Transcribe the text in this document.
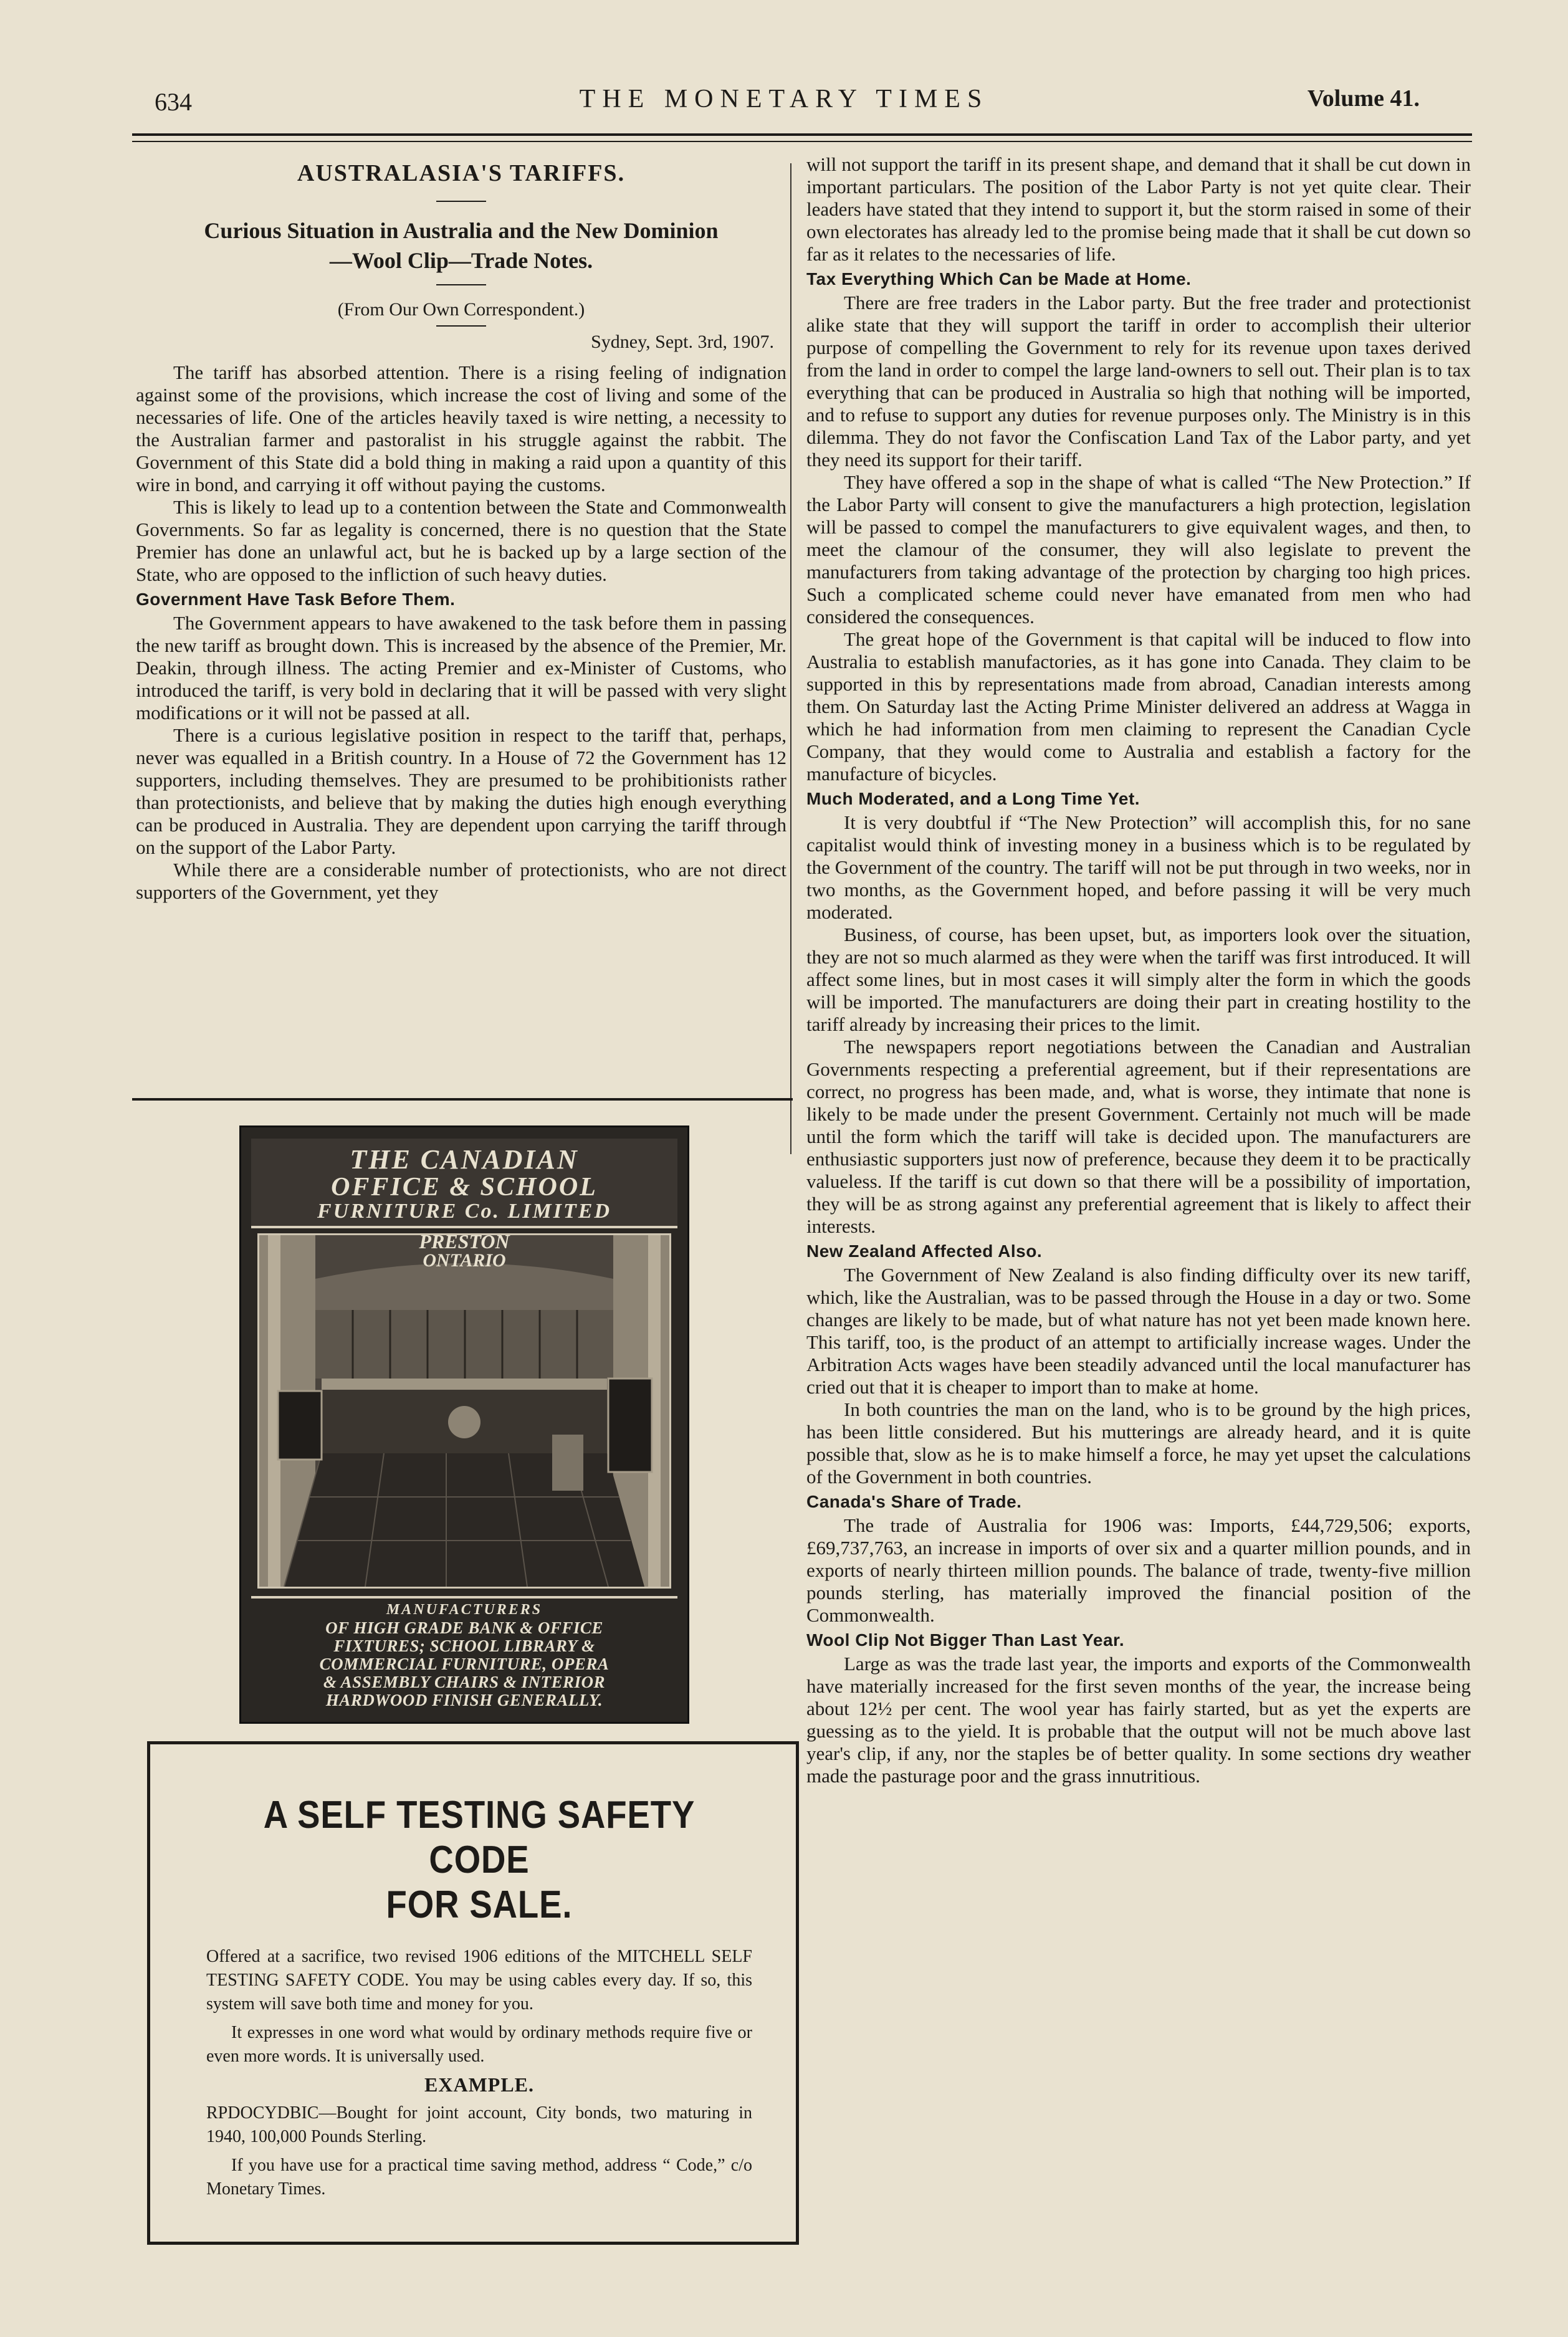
634	THE MONETARY TIMES	Volume 41.
AUSTRALASIA'S TARIFFS.
Curious Situation in Australia and the New Dominion
—Wool Clip—Trade Notes.
(From Our Own Correspondent.)
Sydney, Sept. 3rd, 1907.

The tariff has absorbed attention. There is a rising feeling of indignation against some of the provisions, which increase the cost of living and some of the necessaries of life. One of the articles heavily taxed is wire netting, a necessity to the Australian farmer and pastoralist in his struggle against the rabbit. The Government of this State did a bold thing in making a raid upon a quantity of this wire in bond, and carrying it off without paying the customs.

This is likely to lead up to a contention between the State and Commonwealth Governments. So far as legality is concerned, there is no question that the State Premier has done an unlawful act, but he is backed up by a large section of the State, who are opposed to the infliction of such heavy duties.

Government Have Task Before Them.

The Government appears to have awakened to the task before them in passing the new tariff as brought down. This is increased by the absence of the Premier, Mr. Deakin, through illness. The acting Premier and ex-Minister of Customs, who introduced the tariff, is very bold in declaring that it will be passed with very slight modifications or it will not be passed at all.

There is a curious legislative position in respect to the tariff that, perhaps, never was equalled in a British country. In a House of 72 the Government has 12 supporters, including themselves. They are presumed to be prohibitionists rather than protectionists, and believe that by making the duties high enough everything can be produced in Australia. They are dependent upon carrying the tariff through on the support of the Labor Party.

While there are a considerable number of protectionists, who are not direct supporters of the Government, yet they

will not support the tariff in its present shape, and demand that it shall be cut down in important particulars. The position of the Labor Party is not yet quite clear. Their leaders have stated that they intend to support it, but the storm raised in some of their own electorates has already led to the promise being made that it shall be cut down so far as it relates to the necessaries of life.

Tax Everything Which Can be Made at Home.

There are free traders in the Labor party. But the free trader and protectionist alike state that they will support the tariff in order to accomplish their ulterior purpose of compelling the Government to rely for its revenue upon taxes derived from the land in order to compel the large land-owners to sell out. Their plan is to tax everything that can be produced in Australia so high that nothing will be imported, and to refuse to support any duties for revenue purposes only. The Ministry is in this dilemma. They do not favor the Confiscation Land Tax of the Labor party, and yet they need its support for their tariff.

They have offered a sop in the shape of what is called “The New Protection.” If the Labor Party will consent to give the manufacturers a high protection, legislation will be passed to compel the manufacturers to give equivalent wages, and then, to meet the clamour of the consumer, they will also legislate to prevent the manufacturers from taking advantage of the protection by charging too high prices. Such a complicated scheme could never have emanated from men who had considered the consequences.

The great hope of the Government is that capital will be induced to flow into Australia to establish manufactories, as it has gone into Canada. They claim to be supported in this by representations made from abroad, Canadian interests among them. On Saturday last the Acting Prime Minister delivered an address at Wagga in which he had information from men claiming to represent the Canadian Cycle Company, that they would come to Australia and establish a factory for the manufacture of bicycles.

Much Moderated, and a Long Time Yet.

It is very doubtful if “The New Protection” will accomplish this, for no sane capitalist would think of investing money in a business which is to be regulated by the Government of the country. The tariff will not be put through in two weeks, nor in two months, as the Government hoped, and before passing it will be very much moderated.

Business, of course, has been upset, but, as importers look over the situation, they are not so much alarmed as they were when the tariff was first introduced. It will affect some lines, but in most cases it will simply alter the form in which the goods will be imported. The manufacturers are doing their part in creating hostility to the tariff already by increasing their prices to the limit.

The newspapers report negotiations between the Canadian and Australian Governments respecting a preferential agreement, but if their representations are correct, no progress has been made, and, what is worse, they intimate that none is likely to be made under the present Government. Certainly not much will be made until the form which the tariff will take is decided upon. The manufacturers are enthusiastic supporters just now of preference, because they deem it to be practically valueless. If the tariff is cut down so that there will be a possibility of importation, they will be as strong against any preferential agreement that is likely to affect their interests.

New Zealand Affected Also.

The Government of New Zealand is also finding difficulty over its new tariff, which, like the Australian, was to be passed through the House in a day or two. Some changes are likely to be made, but of what nature has not yet been made known here. This tariff, too, is the product of an attempt to artificially increase wages. Under the Arbitration Acts wages have been steadily advanced until the local manufacturer has cried out that it is cheaper to import than to make at home.

In both countries the man on the land, who is to be ground by the high prices, has been little considered. But his mutterings are already heard, and it is quite possible that, slow as he is to make himself a force, he may yet upset the calculations of the Government in both countries.

Canada's Share of Trade.

The trade of Australia for 1906 was: Imports, £44,729,506; exports, £69,737,763, an increase in imports of over six and a quarter million pounds, and in exports of nearly thirteen million pounds. The balance of trade, twenty-five million pounds sterling, has materially improved the financial position of the Commonwealth.

Wool Clip Not Bigger Than Last Year.

Large as was the trade last year, the imports and exports of the Commonwealth have materially increased for the first seven months of the year, the increase being about 12½ per cent. The wool year has fairly started, but as yet the experts are guessing as to the yield. It is probable that the output will not be much above last year's clip, if any, nor the staples be of better quality. In some sections dry weather made the pasturage poor and the grass innutritious.

THE CANADIAN
OFFICE & SCHOOL
FURNITURE Co. LIMITED
MANUFACTURERS
OF HIGH GRADE BANK & OFFICE
FIXTURES; SCHOOL LIBRARY &
COMMERCIAL FURNITURE, OPERA
& ASSEMBLY CHAIRS & INTERIOR
HARDWOOD FINISH GENERALLY.
PRESTON
ONTARIO
A SELF TESTING SAFETY CODE
FOR SALE.

Offered at a sacrifice, two revised 1906 editions of the MITCHELL SELF TESTING SAFETY CODE. You may be using cables every day. If so, this system will save both time and money for you.

It expresses in one word what would by ordinary methods require five or even more words. It is universally used.

EXAMPLE.

RPDOCYDBIC—Bought for joint account, City bonds, two maturing in 1940, 100,000 Pounds Sterling.

If you have use for a practical time saving method, address “ Code,” c/o Monetary Times.
